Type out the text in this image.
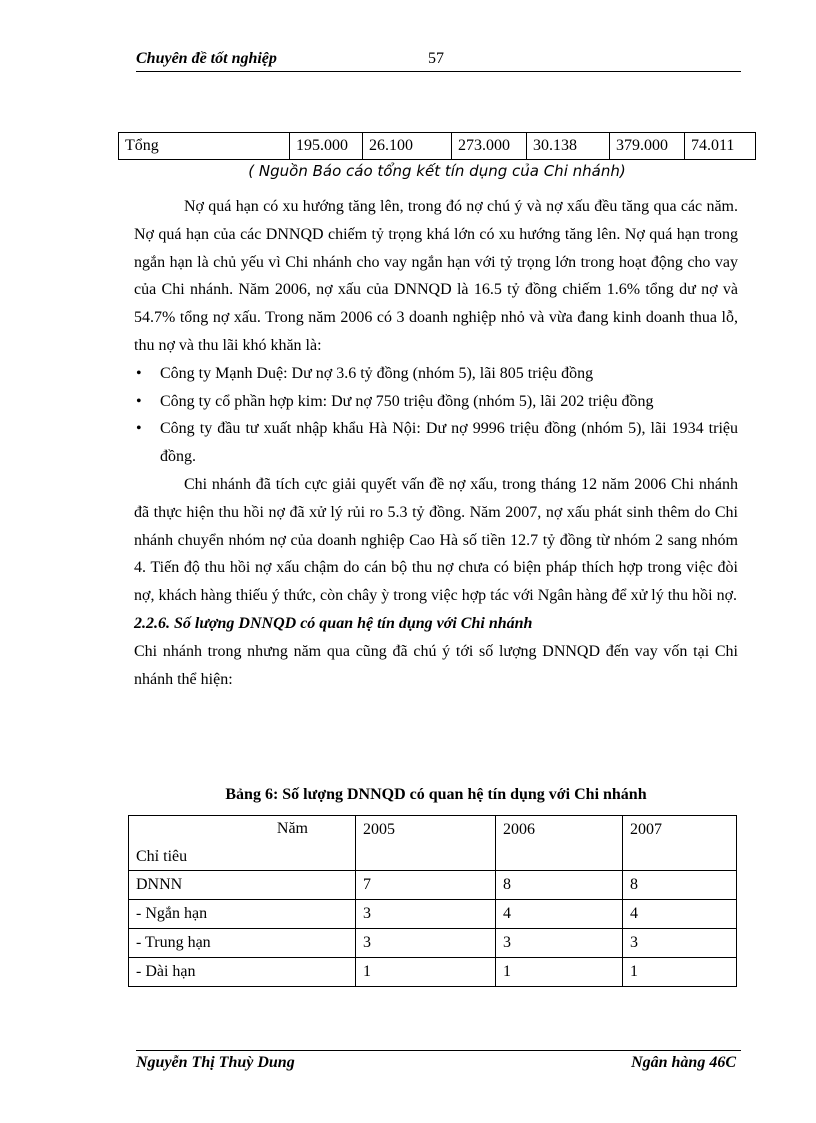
Chuyên đề tốt nghiệp	57
Tổng	195.000	26.100	273.000	30.138	379.000	74.011
( Nguồn Báo cáo tổng kết tín dụng của Chi nhánh)

Nợ quá hạn có xu hướng tăng lên, trong đó nợ chú ý và nợ xấu đều tăng qua các năm. Nợ quá hạn của các DNNQD chiếm tỷ trọng khá lớn có xu hướng tăng lên. Nợ quá hạn trong ngắn hạn là chủ yếu vì Chi nhánh cho vay ngắn hạn với tỷ trọng lớn trong hoạt động cho vay của Chi nhánh. Năm 2006, nợ xấu của DNNQD là 16.5 tỷ đồng chiếm 1.6% tổng dư nợ và 54.7% tổng nợ xấu. Trong năm 2006 có 3 doanh nghiệp nhỏ và vừa đang kinh doanh thua lỗ, thu nợ và thu lãi khó khăn là:

• Công ty Mạnh Duệ: Dư nợ 3.6 tỷ đồng (nhóm 5), lãi 805 triệu đồng

• Công ty cổ phần hợp kim: Dư nợ 750 triệu đồng (nhóm 5), lãi 202 triệu đồng

• Công ty đầu tư xuất nhập khẩu Hà Nội: Dư nợ 9996 triệu đồng (nhóm 5), lãi 1934 triệu đồng.

Chi nhánh đã tích cực giải quyết vấn đề nợ xấu, trong tháng 12 năm 2006 Chi nhánh đã thực hiện thu hồi nợ đã xử lý rủi ro 5.3 tỷ đồng. Năm 2007, nợ xấu phát sinh thêm do Chi nhánh chuyển nhóm nợ của doanh nghiệp Cao Hà số tiền 12.7 tỷ đồng từ nhóm 2 sang nhóm 4. Tiến độ thu hồi nợ xấu chậm do cán bộ thu nợ chưa có biện pháp thích hợp trong việc đòi nợ, khách hàng thiếu ý thức, còn chây ỳ trong việc hợp tác với Ngân hàng để xử lý thu hồi nợ.

2.2.6. Số lượng DNNQD có quan hệ tín dụng với Chi nhánh

Chi nhánh trong nhưng năm qua cũng đã chú ý tới số lượng DNNQD đến vay vốn tại Chi nhánh thể hiện:

Bảng 6: Số lượng DNNQD có quan hệ tín dụng với Chi nhánh
Năm
Chỉ tiêu	2005	2006	2007
DNNN	7	8	8
- Ngắn hạn	3	4	4
- Trung hạn	3	3	3
- Dài hạn	1	1	1
Nguyễn Thị Thuỳ Dung	Ngân hàng 46C
